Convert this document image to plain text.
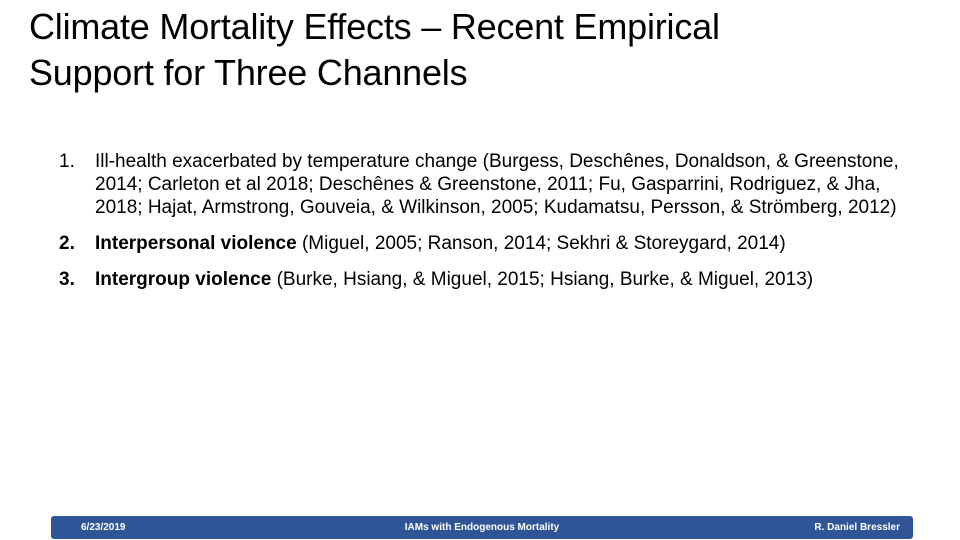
Climate Mortality Effects – Recent Empirical
Support for Three Channels
1.	Ill-health exacerbated by temperature change (Burgess, Deschênes, Donaldson, & Greenstone, 2014; Carleton et al 2018; Deschênes & Greenstone, 2011; Fu, Gasparrini, Rodriguez, & Jha, 2018; Hajat, Armstrong, Gouveia, & Wilkinson, 2005; Kudamatsu, Persson, & Strömberg, 2012)
2.	Interpersonal violence (Miguel, 2005; Ranson, 2014; Sekhri & Storeygard, 2014)
3.	Intergroup violence (Burke, Hsiang, & Miguel, 2015; Hsiang, Burke, & Miguel, 2013)
6/23/2019	IAMs with Endogenous Mortality	R. Daniel Bressler
